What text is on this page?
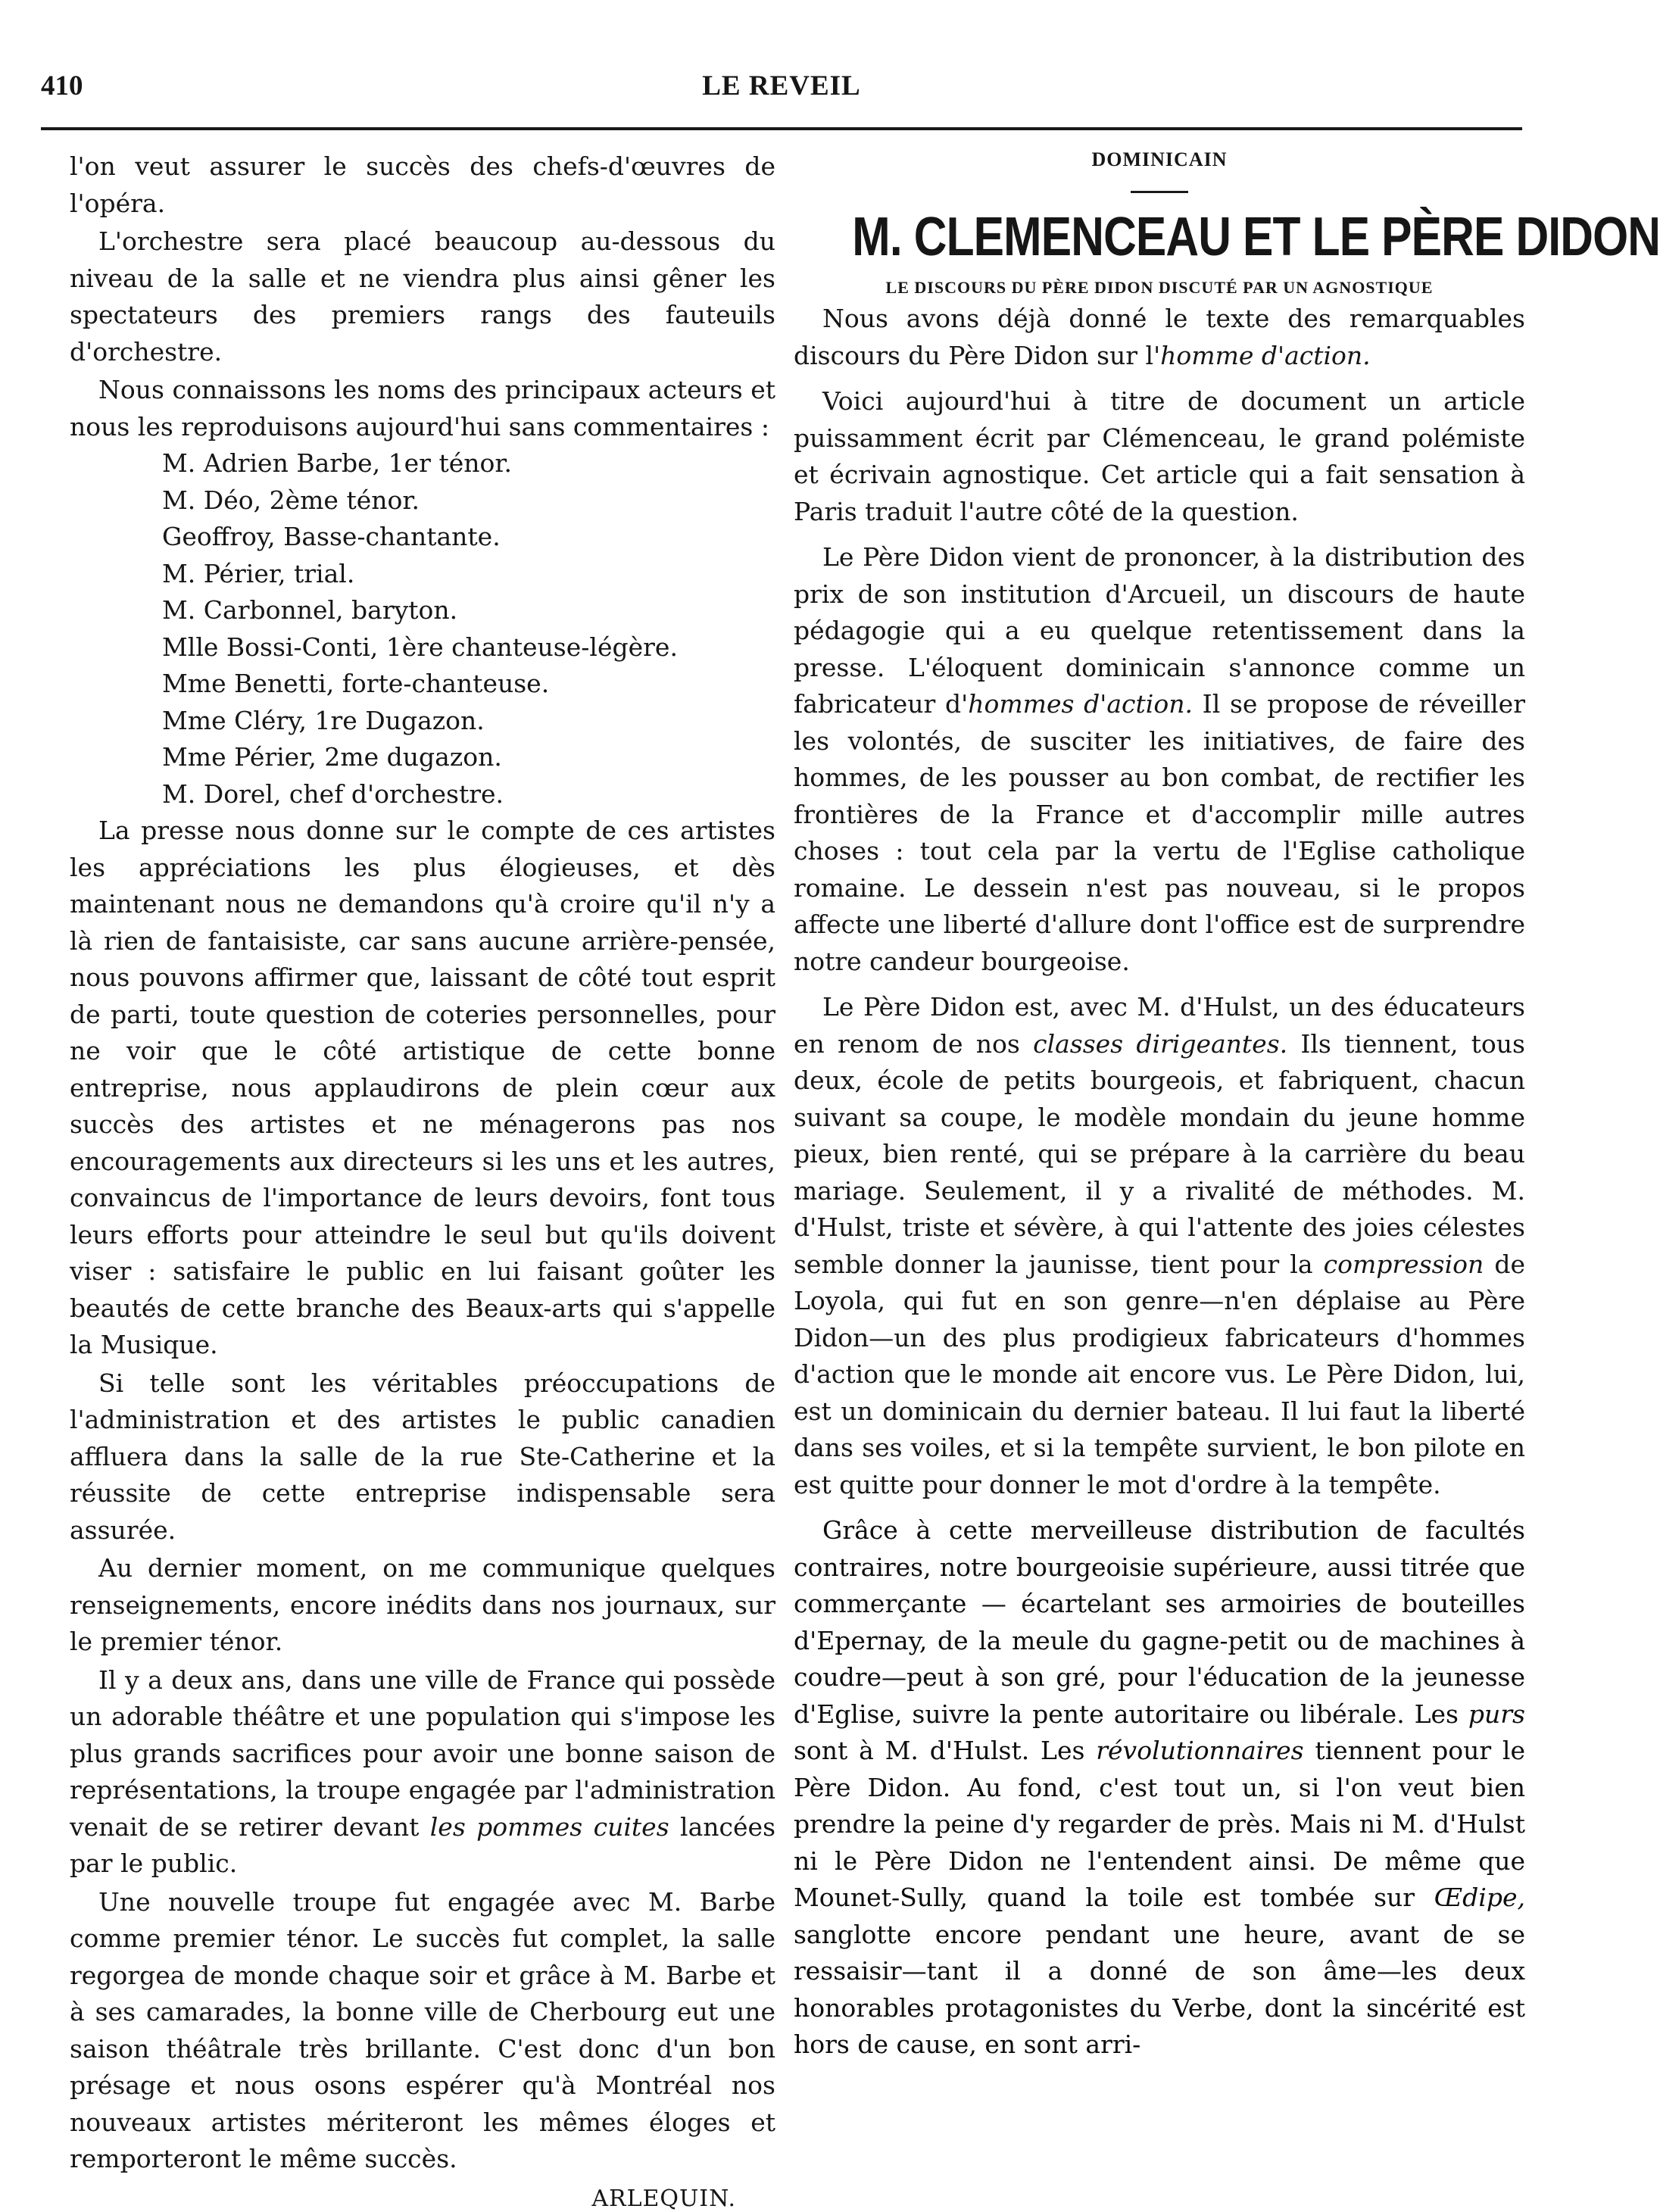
410	LE REVEIL

l'on veut assurer le succès des chefs-d'œuvres de l'opéra.

L'orchestre sera placé beaucoup au-dessous du niveau de la salle et ne viendra plus ainsi gêner les spectateurs des premiers rangs des fauteuils d'orchestre.

Nous connaissons les noms des principaux acteurs et nous les reproduisons aujourd'hui sans commentaires :

M. Adrien Barbe, 1er ténor.
M. Déo, 2ème ténor.
Geoffroy, Basse-chantante.
M. Périer, trial.
M. Carbonnel, baryton.
Mlle Bossi-Conti, 1ère chanteuse-légère.
Mme Benetti, forte-chanteuse.
Mme Cléry, 1re Dugazon.
Mme Périer, 2me dugazon.
M. Dorel, chef d'orchestre.

La presse nous donne sur le compte de ces artistes les appréciations les plus élogieuses, et dès maintenant nous ne demandons qu'à croire qu'il n'y a là rien de fantaisiste, car sans aucune arrière-pensée, nous pouvons affirmer que, laissant de côté tout esprit de parti, toute question de coteries personnelles, pour ne voir que le côté artistique de cette bonne entreprise, nous applaudirons de plein cœur aux succès des artistes et ne ménagerons pas nos encouragements aux directeurs si les uns et les autres, convaincus de l'importance de leurs devoirs, font tous leurs efforts pour atteindre le seul but qu'ils doivent viser : satisfaire le public en lui faisant goûter les beautés de cette branche des Beaux-arts qui s'appelle la Musique.

Si telle sont les véritables préoccupations de l'administration et des artistes le public canadien affluera dans la salle de la rue Ste-Catherine et la réussite de cette entreprise indispensable sera assurée.

Au dernier moment, on me communique quelques renseignements, encore inédits dans nos journaux, sur le premier ténor.

Il y a deux ans, dans une ville de France qui possède un adorable théâtre et une population qui s'impose les plus grands sacrifices pour avoir une bonne saison de représentations, la troupe engagée par l'administration venait de se retirer devant les pommes cuites lancées par le public.

Une nouvelle troupe fut engagée avec M. Barbe comme premier ténor. Le succès fut complet, la salle regorgea de monde chaque soir et grâce à M. Barbe et à ses camarades, la bonne ville de Cherbourg eut une saison théâtrale très brillante. C'est donc d'un bon présage et nous osons espérer qu'à Montréal nos nouveaux artistes mériteront les mêmes éloges et remporteront le même succès.

ARLEQUIN.
DOMINICAIN
M. CLEMENCEAU ET LE PÈRE DIDON
LE DISCOURS DU PÈRE DIDON DISCUTÉ PAR UN AGNOSTIQUE

Nous avons déjà donné le texte des remarquables discours du Père Didon sur l'homme d'action.

Voici aujourd'hui à titre de document un article puissamment écrit par Clémenceau, le grand polémiste et écrivain agnostique. Cet article qui a fait sensation à Paris traduit l'autre côté de la question.

Le Père Didon vient de prononcer, à la distribution des prix de son institution d'Arcueil, un discours de haute pédagogie qui a eu quelque retentissement dans la presse. L'éloquent dominicain s'annonce comme un fabricateur d'hommes d'action. Il se propose de réveiller les volontés, de susciter les initiatives, de faire des hommes, de les pousser au bon combat, de rectifier les frontières de la France et d'accomplir mille autres choses : tout cela par la vertu de l'Eglise catholique romaine. Le dessein n'est pas nouveau, si le propos affecte une liberté d'allure dont l'office est de surprendre notre candeur bourgeoise.

Le Père Didon est, avec M. d'Hulst, un des éducateurs en renom de nos classes dirigeantes. Ils tiennent, tous deux, école de petits bourgeois, et fabriquent, chacun suivant sa coupe, le modèle mondain du jeune homme pieux, bien renté, qui se prépare à la carrière du beau mariage. Seulement, il y a rivalité de méthodes. M. d'Hulst, triste et sévère, à qui l'attente des joies célestes semble donner la jaunisse, tient pour la compression de Loyola, qui fut en son genre—n'en déplaise au Père Didon—un des plus prodigieux fabricateurs d'hommes d'action que le monde ait encore vus. Le Père Didon, lui, est un dominicain du dernier bateau. Il lui faut la liberté dans ses voiles, et si la tempête survient, le bon pilote en est quitte pour donner le mot d'ordre à la tempête.

Grâce à cette merveilleuse distribution de facultés contraires, notre bourgeoisie supérieure, aussi titrée que commerçante — écartelant ses armoiries de bouteilles d'Epernay, de la meule du gagne-petit ou de machines à coudre—peut à son gré, pour l'éducation de la jeunesse d'Eglise, suivre la pente autoritaire ou libérale. Les purs sont à M. d'Hulst. Les révolutionnaires tiennent pour le Père Didon. Au fond, c'est tout un, si l'on veut bien prendre la peine d'y regarder de près. Mais ni M. d'Hulst ni le Père Didon ne l'entendent ainsi. De même que Mounet-Sully, quand la toile est tombée sur Œdipe, sanglotte encore pendant une heure, avant de se ressaisir—tant il a donné de son âme—les deux honorables protagonistes du Verbe, dont la sincérité est hors de cause, en sont arri-
